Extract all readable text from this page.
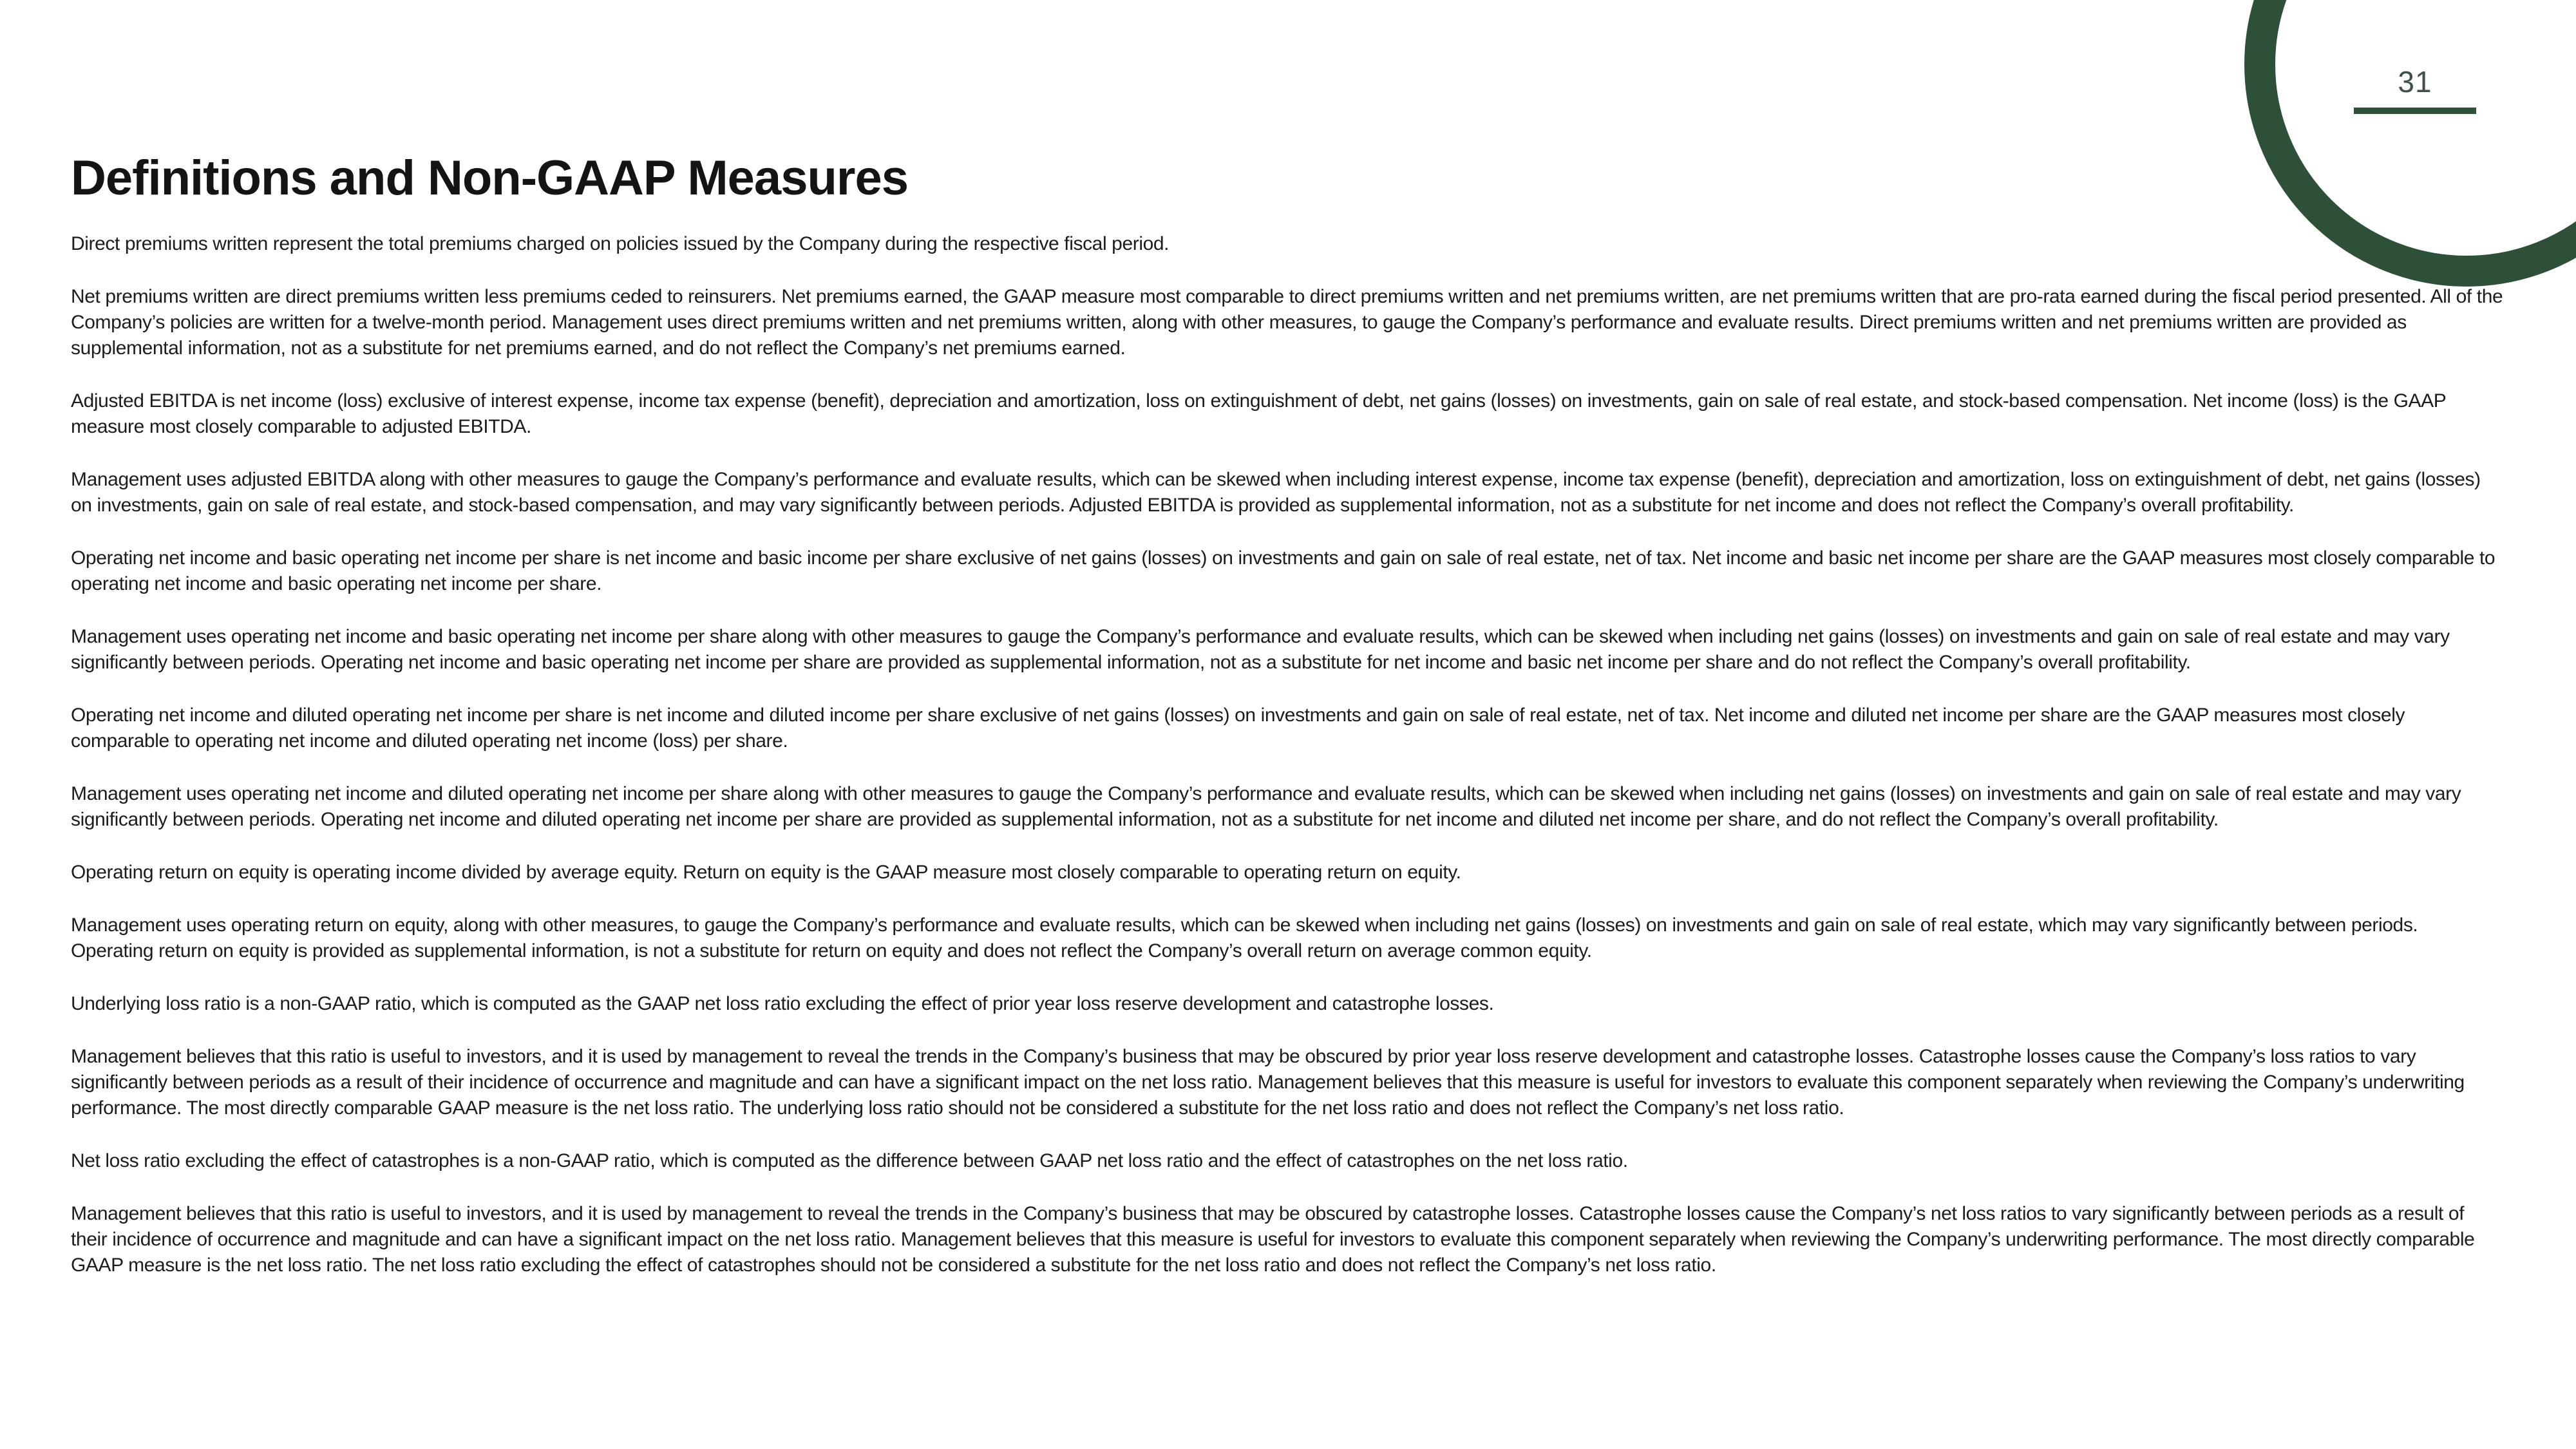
31
Definitions and Non-GAAP Measures

Direct premiums written represent the total premiums charged on policies issued by the Company during the respective fiscal period.

Net premiums written are direct premiums written less premiums ceded to reinsurers. Net premiums earned, the GAAP measure most comparable to direct premiums written and net premiums written, are net premiums written that are pro-rata earned during the fiscal period presented. All of the Company’s policies are written for a twelve-month period. Management uses direct premiums written and net premiums written, along with other measures, to gauge the Company’s performance and evaluate results. Direct premiums written and net premiums written are provided as supplemental information, not as a substitute for net premiums earned, and do not reflect the Company’s net premiums earned.

Adjusted EBITDA is net income (loss) exclusive of interest expense, income tax expense (benefit), depreciation and amortization, loss on extinguishment of debt, net gains (losses) on investments, gain on sale of real estate, and stock-based compensation. Net income (loss) is the GAAP measure most closely comparable to adjusted EBITDA.

Management uses adjusted EBITDA along with other measures to gauge the Company’s performance and evaluate results, which can be skewed when including interest expense, income tax expense (benefit), depreciation and amortization, loss on extinguishment of debt, net gains (losses) on investments, gain on sale of real estate, and stock-based compensation, and may vary significantly between periods. Adjusted EBITDA is provided as supplemental information, not as a substitute for net income and does not reflect the Company’s overall profitability.

Operating net income and basic operating net income per share is net income and basic income per share exclusive of net gains (losses) on investments and gain on sale of real estate, net of tax. Net income and basic net income per share are the GAAP measures most closely comparable to operating net income and basic operating net income per share.

Management uses operating net income and basic operating net income per share along with other measures to gauge the Company’s performance and evaluate results, which can be skewed when including net gains (losses) on investments and gain on sale of real estate and may vary significantly between periods. Operating net income and basic operating net income per share are provided as supplemental information, not as a substitute for net income and basic net income per share and do not reflect the Company’s overall profitability.

Operating net income and diluted operating net income per share is net income and diluted income per share exclusive of net gains (losses) on investments and gain on sale of real estate, net of tax. Net income and diluted net income per share are the GAAP measures most closely comparable to operating net income and diluted operating net income (loss) per share.

Management uses operating net income and diluted operating net income per share along with other measures to gauge the Company’s performance and evaluate results, which can be skewed when including net gains (losses) on investments and gain on sale of real estate and may vary significantly between periods. Operating net income and diluted operating net income per share are provided as supplemental information, not as a substitute for net income and diluted net income per share, and do not reflect the Company’s overall profitability.

Operating return on equity is operating income divided by average equity. Return on equity is the GAAP measure most closely comparable to operating return on equity.

Management uses operating return on equity, along with other measures, to gauge the Company’s performance and evaluate results, which can be skewed when including net gains (losses) on investments and gain on sale of real estate, which may vary significantly between periods. Operating return on equity is provided as supplemental information, is not a substitute for return on equity and does not reflect the Company’s overall return on average common equity.

Underlying loss ratio is a non-GAAP ratio, which is computed as the GAAP net loss ratio excluding the effect of prior year loss reserve development and catastrophe losses.

Management believes that this ratio is useful to investors, and it is used by management to reveal the trends in the Company’s business that may be obscured by prior year loss reserve development and catastrophe losses. Catastrophe losses cause the Company’s loss ratios to vary significantly between periods as a result of their incidence of occurrence and magnitude and can have a significant impact on the net loss ratio. Management believes that this measure is useful for investors to evaluate this component separately when reviewing the Company’s underwriting performance. The most directly comparable GAAP measure is the net loss ratio. The underlying loss ratio should not be considered a substitute for the net loss ratio and does not reflect the Company’s net loss ratio.

Net loss ratio excluding the effect of catastrophes is a non-GAAP ratio, which is computed as the difference between GAAP net loss ratio and the effect of catastrophes on the net loss ratio.

Management believes that this ratio is useful to investors, and it is used by management to reveal the trends in the Company’s business that may be obscured by catastrophe losses. Catastrophe losses cause the Company’s net loss ratios to vary significantly between periods as a result of their incidence of occurrence and magnitude and can have a significant impact on the net loss ratio. Management believes that this measure is useful for investors to evaluate this component separately when reviewing the Company’s underwriting performance. The most directly comparable GAAP measure is the net loss ratio. The net loss ratio excluding the effect of catastrophes should not be considered a substitute for the net loss ratio and does not reflect the Company’s net loss ratio.
